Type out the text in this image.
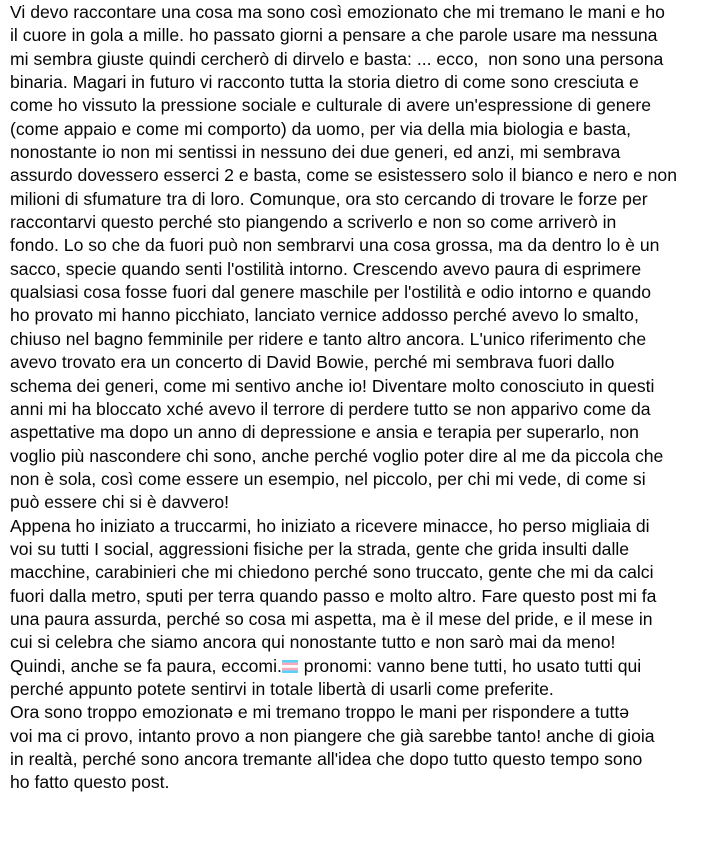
Vi devo raccontare una cosa ma sono così emozionato che mi tremano le mani e ho
il cuore in gola a mille. ho passato giorni a pensare a che parole usare ma nessuna
mi sembra giuste quindi cercherò di dirvelo e basta: ... ecco,  non sono una persona
binaria. Magari in futuro vi racconto tutta la storia dietro di come sono cresciuta e
come ho vissuto la pressione sociale e culturale di avere un'espressione di genere
(come appaio e come mi comporto) da uomo, per via della mia biologia e basta,
nonostante io non mi sentissi in nessuno dei due generi, ed anzi, mi sembrava
assurdo dovessero esserci 2 e basta, come se esistessero solo il bianco e nero e non
milioni di sfumature tra di loro. Comunque, ora sto cercando di trovare le forze per
raccontarvi questo perché sto piangendo a scriverlo e non so come arriverò in
fondo. Lo so che da fuori può non sembrarvi una cosa grossa, ma da dentro lo è un
sacco, specie quando senti l'ostilità intorno. Crescendo avevo paura di esprimere
qualsiasi cosa fosse fuori dal genere maschile per l'ostilità e odio intorno e quando
ho provato mi hanno picchiato, lanciato vernice addosso perché avevo lo smalto,
chiuso nel bagno femminile per ridere e tanto altro ancora. L'unico riferimento che
avevo trovato era un concerto di David Bowie, perché mi sembrava fuori dallo
schema dei generi, come mi sentivo anche io! Diventare molto conosciuto in questi
anni mi ha bloccato xché avevo il terrore di perdere tutto se non apparivo come da
aspettative ma dopo un anno di depressione e ansia e terapia per superarlo, non
voglio più nascondere chi sono, anche perché voglio poter dire al me da piccola che
non è sola, così come essere un esempio, nel piccolo, per chi mi vede, di come si
può essere chi si è davvero!
Appena ho iniziato a truccarmi, ho iniziato a ricevere minacce, ho perso migliaia di
voi su tutti I social, aggressioni fisiche per la strada, gente che grida insulti dalle
macchine, carabinieri che mi chiedono perché sono truccato, gente che mi da calci
fuori dalla metro, sputi per terra quando passo e molto altro. Fare questo post mi fa
una paura assurda, perché so cosa mi aspetta, ma è il mese del pride, e il mese in
cui si celebra che siamo ancora qui nonostante tutto e non sarò mai da meno!
Quindi, anche se fa paura, eccomi.
pronomi: vanno bene tutti, ho usato tutti qui
perché appunto potete sentirvi in totale libertà di usarli come preferite.
Ora sono troppo emozionatə e mi tremano troppo le mani per rispondere a tuttə
voi ma ci provo, intanto provo a non piangere che già sarebbe tanto! anche di gioia
in realtà, perché sono ancora tremante all'idea che dopo tutto questo tempo sono
ho fatto questo post.
